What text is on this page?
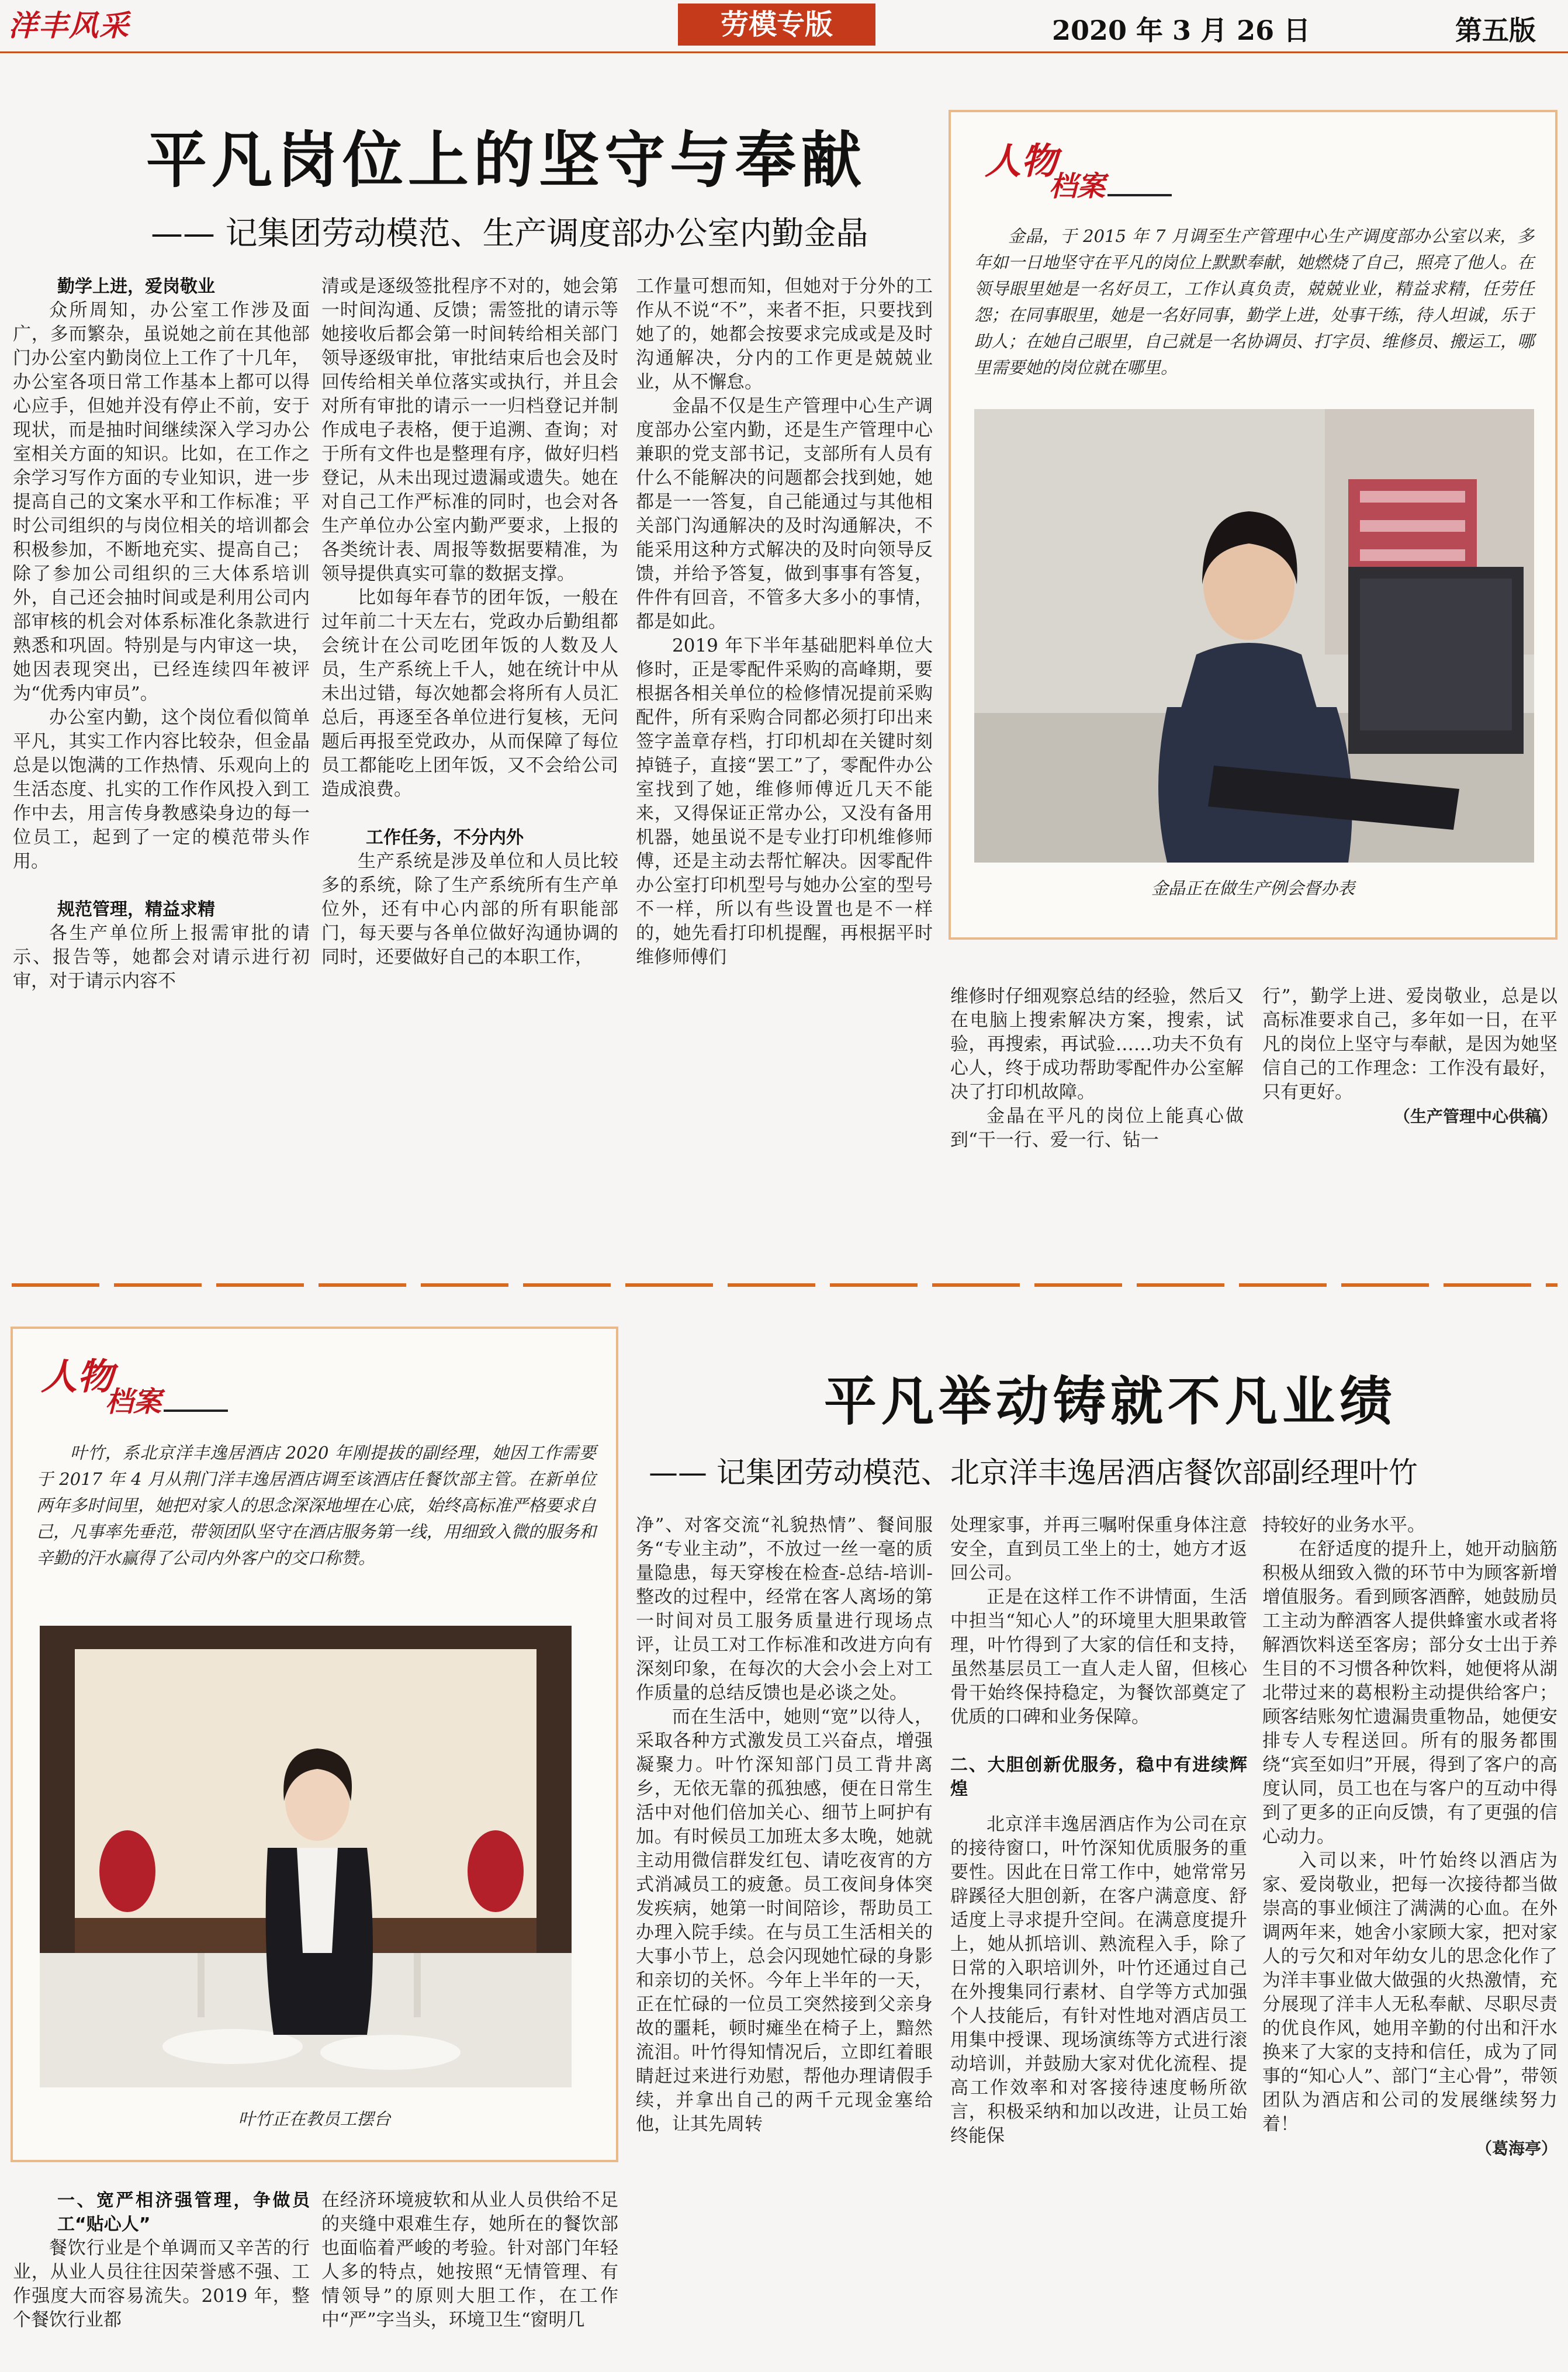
洋丰风采	劳模专版	2020 年 3 月 26 日	第五版
平凡岗位上的坚守与奉献
—— 记集团劳动模范、生产调度部办公室内勤金晶
勤学上进，爱岗敬业

众所周知，办公室工作涉及面广，多而繁杂，虽说她之前在其他部门办公室内勤岗位上工作了十几年，办公室各项日常工作基本上都可以得心应手，但她并没有停止不前，安于现状，而是抽时间继续深入学习办公室相关方面的知识。比如，在工作之余学习写作方面的专业知识，进一步提高自己的文案水平和工作标准；平时公司组织的与岗位相关的培训都会积极参加，不断地充实、提高自己；除了参加公司组织的三大体系培训外，自己还会抽时间或是利用公司内部审核的机会对体系标准化条款进行熟悉和巩固。特别是与内审这一块，她因表现突出，已经连续四年被评为“优秀内审员”。

办公室内勤，这个岗位看似简单平凡，其实工作内容比较杂，但金晶总是以饱满的工作热情、乐观向上的生活态度、扎实的工作作风投入到工作中去，用言传身教感染身边的每一位员工，起到了一定的模范带头作用。

规范管理，精益求精

各生产单位所上报需审批的请示、报告等，她都会对请示进行初审，对于请示内容不

清或是逐级签批程序不对的，她会第一时间沟通、反馈；需签批的请示等她接收后都会第一时间转给相关部门领导逐级审批，审批结束后也会及时回传给相关单位落实或执行，并且会对所有审批的请示一一归档登记并制作成电子表格，便于追溯、查询；对于所有文件也是整理有序，做好归档登记，从未出现过遗漏或遗失。她在对自己工作严标准的同时，也会对各生产单位办公室内勤严要求，上报的各类统计表、周报等数据要精准，为领导提供真实可靠的数据支撑。

比如每年春节的团年饭，一般在过年前二十天左右，党政办后勤组都会统计在公司吃团年饭的人数及人员，生产系统上千人，她在统计中从未出过错，每次她都会将所有人员汇总后，再逐至各单位进行复核，无问题后再报至党政办，从而保障了每位员工都能吃上团年饭，又不会给公司造成浪费。

工作任务，不分内外

生产系统是涉及单位和人员比较多的系统，除了生产系统所有生产单位外，还有中心内部的所有职能部门，每天要与各单位做好沟通协调的同时，还要做好自己的本职工作，

工作量可想而知，但她对于分外的工作从不说“不”，来者不拒，只要找到她了的，她都会按要求完成或是及时沟通解决，分内的工作更是兢兢业业，从不懈怠。

金晶不仅是生产管理中心生产调度部办公室内勤，还是生产管理中心兼职的党支部书记，支部所有人员有什么不能解决的问题都会找到她，她都是一一答复，自己能通过与其他相关部门沟通解决的及时沟通解决，不能采用这种方式解决的及时向领导反馈，并给予答复，做到事事有答复，件件有回音，不管多大多小的事情，都是如此。

2019 年下半年基础肥料单位大修时，正是零配件采购的高峰期，要根据各相关单位的检修情况提前采购配件，所有采购合同都必须打印出来签字盖章存档，打印机却在关键时刻掉链子，直接“罢工”了，零配件办公室找到了她，维修师傅近几天不能来，又得保证正常办公，又没有备用机器，她虽说不是专业打印机维修师傅，还是主动去帮忙解决。因零配件办公室打印机型号与她办公室的型号不一样，所以有些设置也是不一样的，她先看打印机提醒，再根据平时维修师傅们

人物
档案

金晶，于 2015 年 7 月调至生产管理中心生产调度部办公室以来，多年如一日地坚守在平凡的岗位上默默奉献，她燃烧了自己，照亮了他人。在领导眼里她是一名好员工，工作认真负责，兢兢业业，精益求精，任劳任怨；在同事眼里，她是一名好同事，勤学上进，处事干练，待人坦诚，乐于助人；在她自己眼里，自己就是一名协调员、打字员、维修员、搬运工，哪里需要她的岗位就在哪里。

金晶正在做生产例会督办表

维修时仔细观察总结的经验，然后又在电脑上搜索解决方案，搜索，试验，再搜索，再试验……功夫不负有心人，终于成功帮助零配件办公室解决了打印机故障。

金晶在平凡的岗位上能真心做到“干一行、爱一行、钻一

行”，勤学上进、爱岗敬业，总是以高标准要求自己，多年如一日，在平凡的岗位上坚守与奉献，是因为她坚信自己的工作理念：工作没有最好，只有更好。

（生产管理中心供稿）

平凡举动铸就不凡业绩
—— 记集团劳动模范、北京洋丰逸居酒店餐饮部副经理叶竹
人物
档案

叶竹，系北京洋丰逸居酒店 2020 年刚提拔的副经理，她因工作需要于 2017 年 4 月从荆门洋丰逸居酒店调至该酒店任餐饮部主管。在新单位两年多时间里，她把对家人的思念深深地埋在心底，始终高标准严格要求自己，凡事率先垂范，带领团队坚守在酒店服务第一线，用细致入微的服务和辛勤的汗水赢得了公司内外客户的交口称赞。

叶竹正在教员工摆台
一、宽严相济强管理，争做员工“贴心人”

餐饮行业是个单调而又辛苦的行业，从业人员往往因荣誉感不强、工作强度大而容易流失。2019 年，整个餐饮行业都

在经济环境疲软和从业人员供给不足的夹缝中艰难生存，她所在的餐饮部也面临着严峻的考验。针对部门年轻人多的特点，她按照“无情管理、有情领导”的原则大胆工作，在工作中“严”字当头，环境卫生“窗明几

净”、对客交流“礼貌热情”、餐间服务“专业主动”，不放过一丝一毫的质量隐患，每天穿梭在检查-总结-培训-整改的过程中，经常在客人离场的第一时间对员工服务质量进行现场点评，让员工对工作标准和改进方向有深刻印象，在每次的大会小会上对工作质量的总结反馈也是必谈之处。

而在生活中，她则“宽”以待人，采取各种方式激发员工兴奋点，增强凝聚力。叶竹深知部门员工背井离乡，无依无靠的孤独感，便在日常生活中对他们倍加关心、细节上呵护有加。有时候员工加班太多太晚，她就主动用微信群发红包、请吃夜宵的方式消减员工的疲惫。员工夜间身体突发疾病，她第一时间陪诊，帮助员工办理入院手续。在与员工生活相关的大事小节上，总会闪现她忙碌的身影和亲切的关怀。今年上半年的一天，正在忙碌的一位员工突然接到父亲身故的噩耗，顿时瘫坐在椅子上，黯然流泪。叶竹得知情况后，立即红着眼睛赶过来进行劝慰，帮他办理请假手续，并拿出自己的两千元现金塞给他，让其先周转

处理家事，并再三嘱咐保重身体注意安全，直到员工坐上的士，她方才返回公司。

正是在这样工作不讲情面，生活中担当“知心人”的环境里大胆果敢管理，叶竹得到了大家的信任和支持，虽然基层员工一直人走人留，但核心骨干始终保持稳定，为餐饮部奠定了优质的口碑和业务保障。

二、大胆创新优服务，稳中有进续辉煌

北京洋丰逸居酒店作为公司在京的接待窗口，叶竹深知优质服务的重要性。因此在日常工作中，她常常另辟蹊径大胆创新，在客户满意度、舒适度上寻求提升空间。在满意度提升上，她从抓培训、熟流程入手，除了日常的入职培训外，叶竹还通过自己在外搜集同行素材、自学等方式加强个人技能后，有针对性地对酒店员工用集中授课、现场演练等方式进行滚动培训，并鼓励大家对优化流程、提高工作效率和对客接待速度畅所欲言，积极采纳和加以改进，让员工始终能保

持较好的业务水平。

在舒适度的提升上，她开动脑筋积极从细致入微的环节中为顾客新增增值服务。看到顾客酒醉，她鼓励员工主动为醉酒客人提供蜂蜜水或者将解酒饮料送至客房；部分女士出于养生目的不习惯各种饮料，她便将从湖北带过来的葛根粉主动提供给客户；顾客结账匆忙遗漏贵重物品，她便安排专人专程送回。所有的服务都围绕“宾至如归”开展，得到了客户的高度认同，员工也在与客户的互动中得到了更多的正向反馈，有了更强的信心动力。

入司以来，叶竹始终以酒店为家、爱岗敬业，把每一次接待都当做崇高的事业倾注了满满的心血。在外调两年来，她舍小家顾大家，把对家人的亏欠和对年幼女儿的思念化作了为洋丰事业做大做强的火热激情，充分展现了洋丰人无私奉献、尽职尽责的优良作风，她用辛勤的付出和汗水换来了大家的支持和信任，成为了同事的“知心人”、部门“主心骨”，带领团队为酒店和公司的发展继续努力着！

（葛海亭）
